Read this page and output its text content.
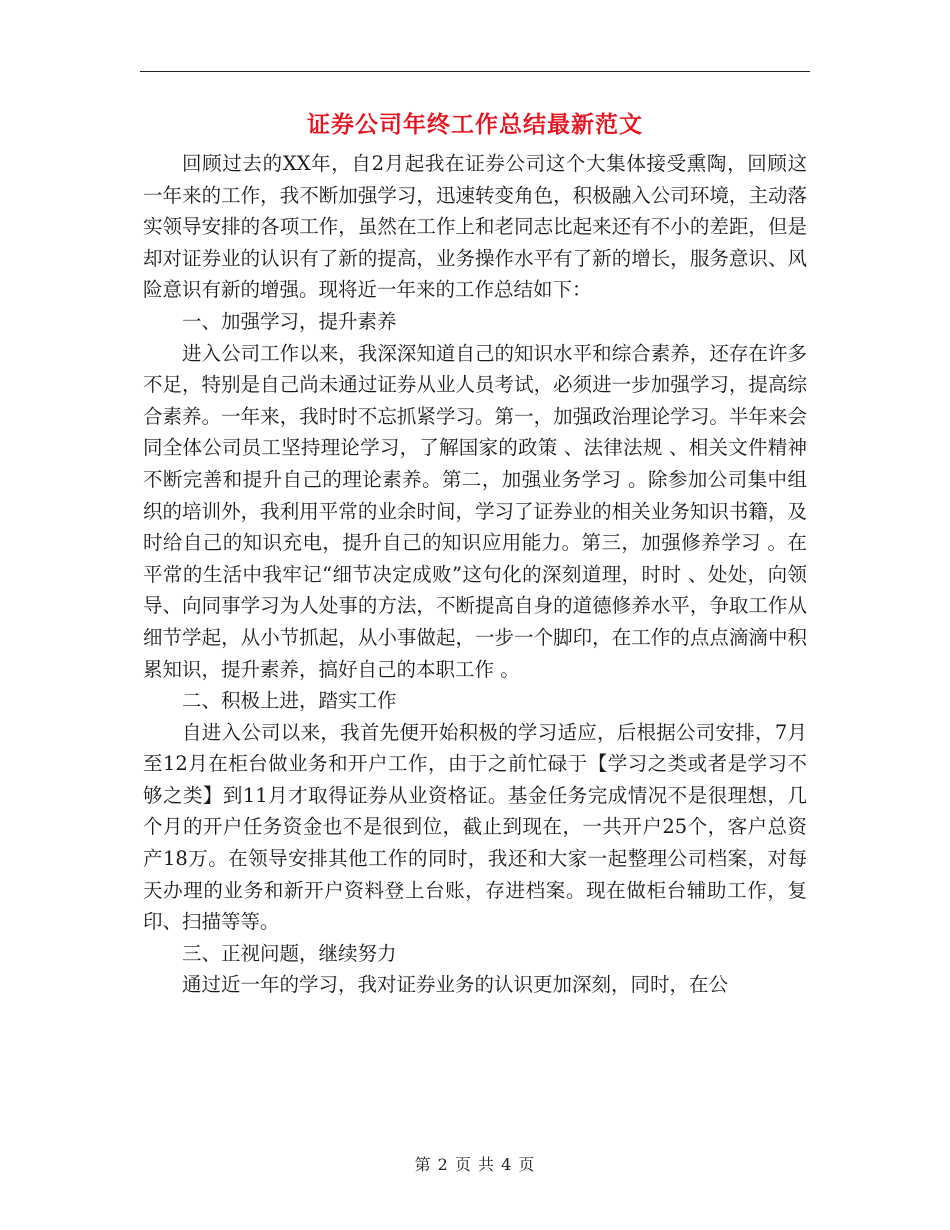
证券公司年终工作总结最新范文

回顾过去的XX年，自2月起我在证券公司这个大集体接受熏陶，回顾这一年来的工作，我不断加强学习，迅速转变角色，积极融入公司环境，主动落实领导安排的各项工作，虽然在工作上和老同志比起来还有不小的差距，但是却对证券业的认识有了新的提高，业务操作水平有了新的增长，服务意识、风险意识有新的增强。现将近一年来的工作总结如下：

一、加强学习，提升素养

进入公司工作以来，我深深知道自己的知识水平和综合素养，还存在许多不足，特别是自己尚未通过证券从业人员考试，必须进一步加强学习，提高综合素养。一年来，我时时不忘抓紧学习。第一，加强政治理论学习。半年来会同全体公司员工坚持理论学习，了解国家的政策 、法律法规 、相关文件精神不断完善和提升自己的理论素养。第二，加强业务学习 。除参加公司集中组织的培训外，我利用平常的业余时间，学习了证券业的相关业务知识书籍，及时给自己的知识充电，提升自己的知识应用能力。第三，加强修养学习 。在平常的生活中我牢记“细节决定成败”这句化的深刻道理，时时 、处处，向领导、向同事学习为人处事的方法，不断提高自身的道德修养水平，争取工作从细节学起，从小节抓起，从小事做起，一步一个脚印，在工作的点点滴滴中积累知识，提升素养，搞好自己的本职工作 。

二、积极上进，踏实工作

自进入公司以来，我首先便开始积极的学习适应，后根据公司安排，7月至12月在柜台做业务和开户工作，由于之前忙碌于【学习之类或者是学习不够之类】到11月才取得证券从业资格证。基金任务完成情况不是很理想，几个月的开户任务资金也不是很到位，截止到现在，一共开户25个，客户总资产18万。在领导安排其他工作的同时，我还和大家一起整理公司档案，对每天办理的业务和新开户资料登上台账，存进档案。现在做柜台辅助工作，复印、扫描等等。

三、正视问题，继续努力

通过近一年的学习，我对证券业务的认识更加深刻，同时，在公

第 2 页 共 4 页
